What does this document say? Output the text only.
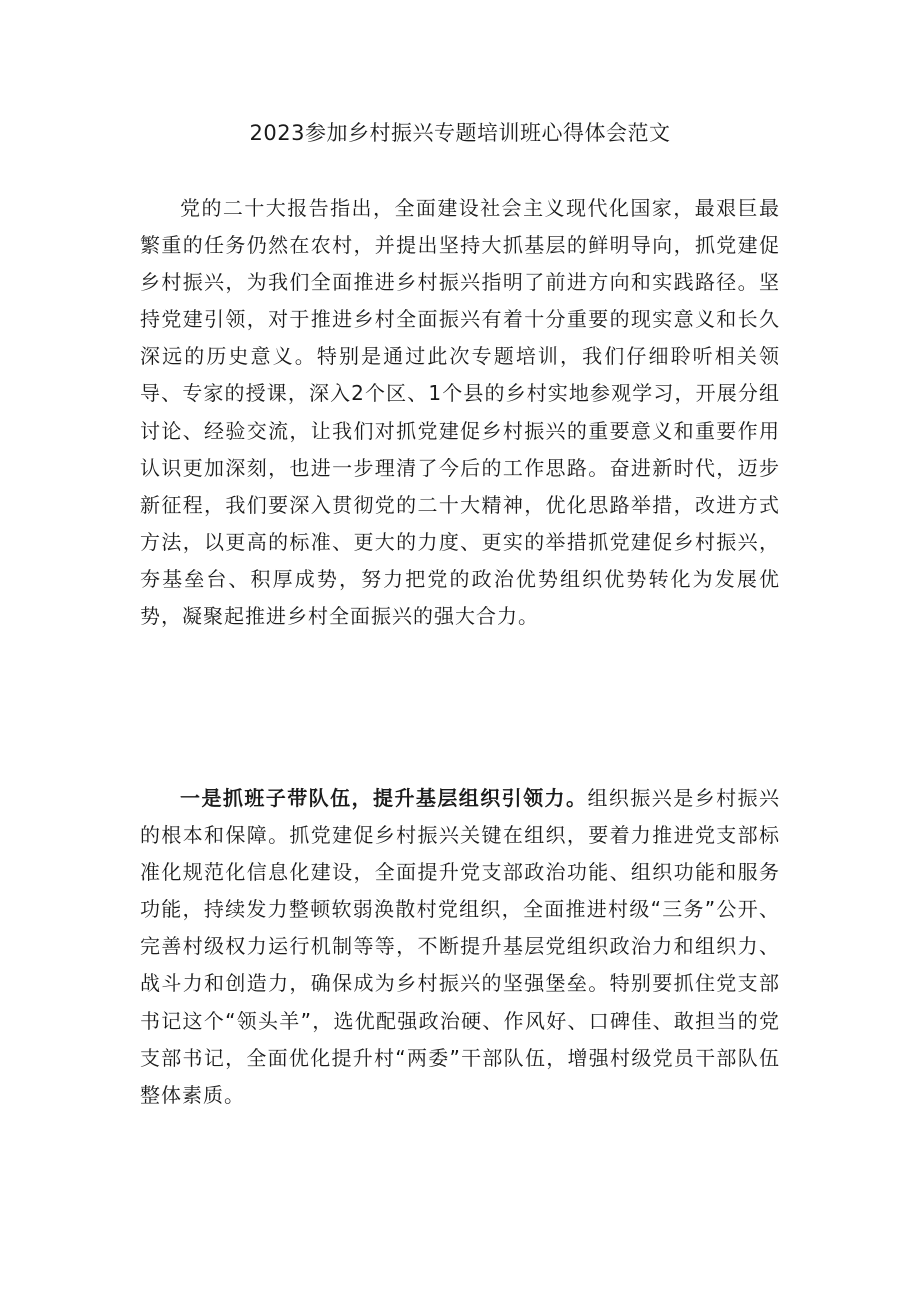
2023参加乡村振兴专题培训班心得体会范文

党的二十大报告指出，全面建设社会主义现代化国家，最艰巨最繁重的任务仍然在农村，并提出坚持大抓基层的鲜明导向，抓党建促乡村振兴，为我们全面推进乡村振兴指明了前进方向和实践路径。坚持党建引领，对于推进乡村全面振兴有着十分重要的现实意义和长久深远的历史意义。特别是通过此次专题培训，我们仔细聆听相关领导、专家的授课，深入2个区、1个县的乡村实地参观学习，开展分组讨论、经验交流，让我们对抓党建促乡村振兴的重要意义和重要作用认识更加深刻，也进一步理清了今后的工作思路。奋进新时代，迈步新征程，我们要深入贯彻党的二十大精神，优化思路举措，改进方式方法，以更高的标准、更大的力度、更实的举措抓党建促乡村振兴，夯基垒台、积厚成势，努力把党的政治优势组织优势转化为发展优势，凝聚起推进乡村全面振兴的强大合力。

一是抓班子带队伍，提升基层组织引领力。组织振兴是乡村振兴的根本和保障。抓党建促乡村振兴关键在组织，要着力推进党支部标准化规范化信息化建设，全面提升党支部政治功能、组织功能和服务功能，持续发力整顿软弱涣散村党组织，全面推进村级“三务”公开、完善村级权力运行机制等等，不断提升基层党组织政治力和组织力、战斗力和创造力，确保成为乡村振兴的坚强堡垒。特别要抓住党支部书记这个“领头羊”，选优配强政治硬、作风好、口碑佳、敢担当的党支部书记，全面优化提升村“两委”干部队伍，增强村级党员干部队伍整体素质。
